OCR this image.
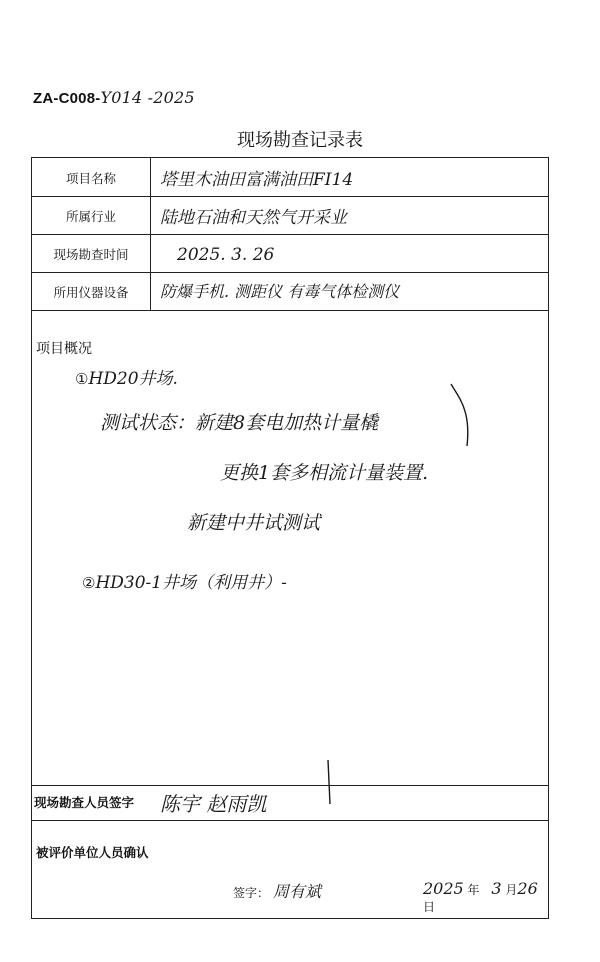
ZA-C008-Y014 -2025
现场勘查记录表
项目名称	塔里木油田富满油田FI14
所属行业	陆地石油和天然气开采业
现场勘查时间	2025. 3. 26
所用仪器设备	防爆手机. 测距仪 有毒气体检测仪
项目概况
①HD20井场.
测试状态：新建8套电加热计量橇
更换1套多相流计量装置.
新建中井试测试
②HD30-1井场（利用井）-
现场勘查人员签字 陈宇 赵雨凯
被评价单位人员确认
签字： 周有斌	2025 年 3 月26 日
